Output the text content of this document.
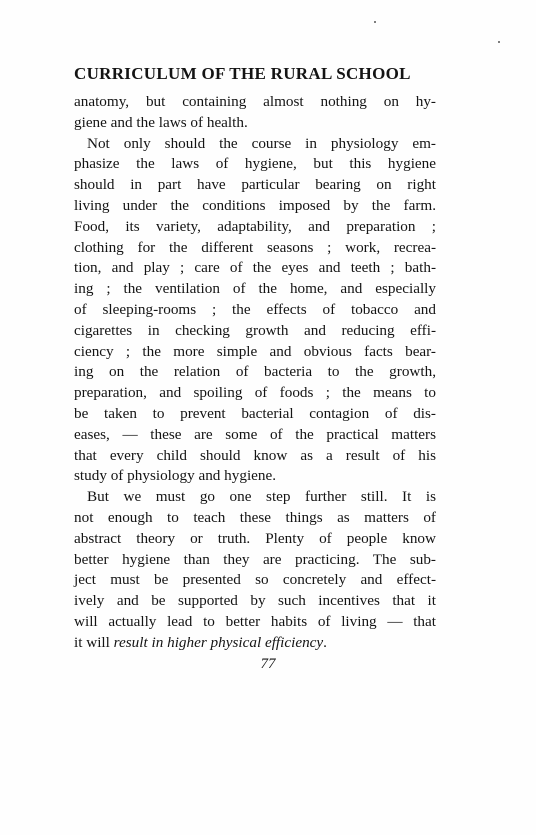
CURRICULUM OF THE RURAL SCHOOL
anatomy, but containing almost nothing on hy-
giene and the laws of health.
Not only should the course in physiology em-
phasize the laws of hygiene, but this hygiene
should in part have particular bearing on right
living under the conditions imposed by the farm.
Food, its variety, adaptability, and preparation ;
clothing for the different seasons ; work, recrea-
tion, and play ; care of the eyes and teeth ; bath-
ing ; the ventilation of the home, and especially
of sleeping-rooms ; the effects of tobacco and
cigarettes in checking growth and reducing effi-
ciency ; the more simple and obvious facts bear-
ing on the relation of bacteria to the growth,
preparation, and spoiling of foods ; the means to
be taken to prevent bacterial contagion of dis-
eases, — these are some of the practical matters
that every child should know as a result of his
study of physiology and hygiene.
But we must go one step further still. It is
not enough to teach these things as matters of
abstract theory or truth. Plenty of people know
better hygiene than they are practicing. The sub-
ject must be presented so concretely and effect-
ively and be supported by such incentives that it
will actually lead to better habits of living — that
it will result in higher physical efficiency.
77
